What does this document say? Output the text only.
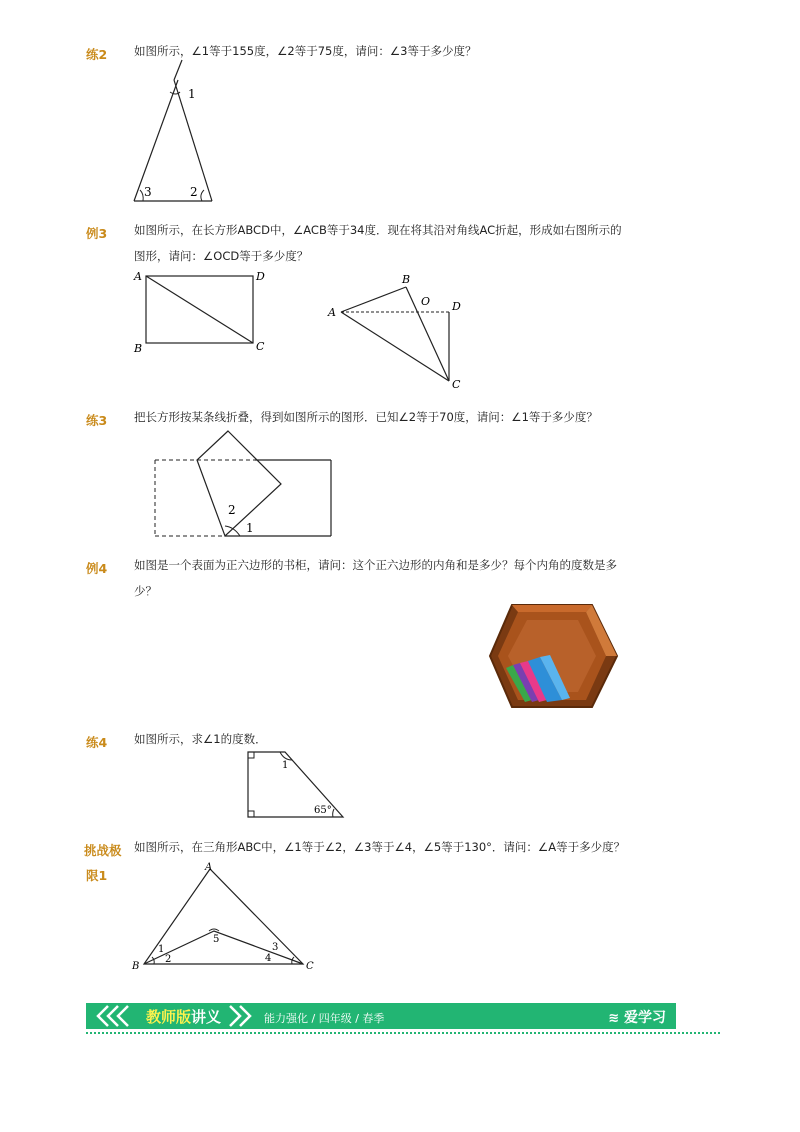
练2 如图所示，∠1等于155度，∠2等于75度，请问：∠3等于多少度？
1
3	2
例3 如图所示，在长方形ABCD中，∠ACB等于34度．现在将其沿对角线AC折起，形成如右图所示的
图形，请问：∠OCD等于多少度？
A	D
B	C
A
B
O D
C
练3 把长方形按某条线折叠，得到如图所示的图形．已知∠2等于70度，请问：∠1等于多少度？
2
1
例4 如图是一个表面为正六边形的书柜，请问：这个正六边形的内角和是多少？每个内角的度数是多
少？
练4 如图所示，求∠1的度数．
1
65°
挑战极
限1
如图所示，在三角形ABC中，∠1等于∠2，∠3等于∠4，∠5等于130°．请问：∠A等于多少度？
A
B	C
1
2
3
4
5
教师版讲义	能力强化 / 四年级 / 春季	≋ 爱学习
